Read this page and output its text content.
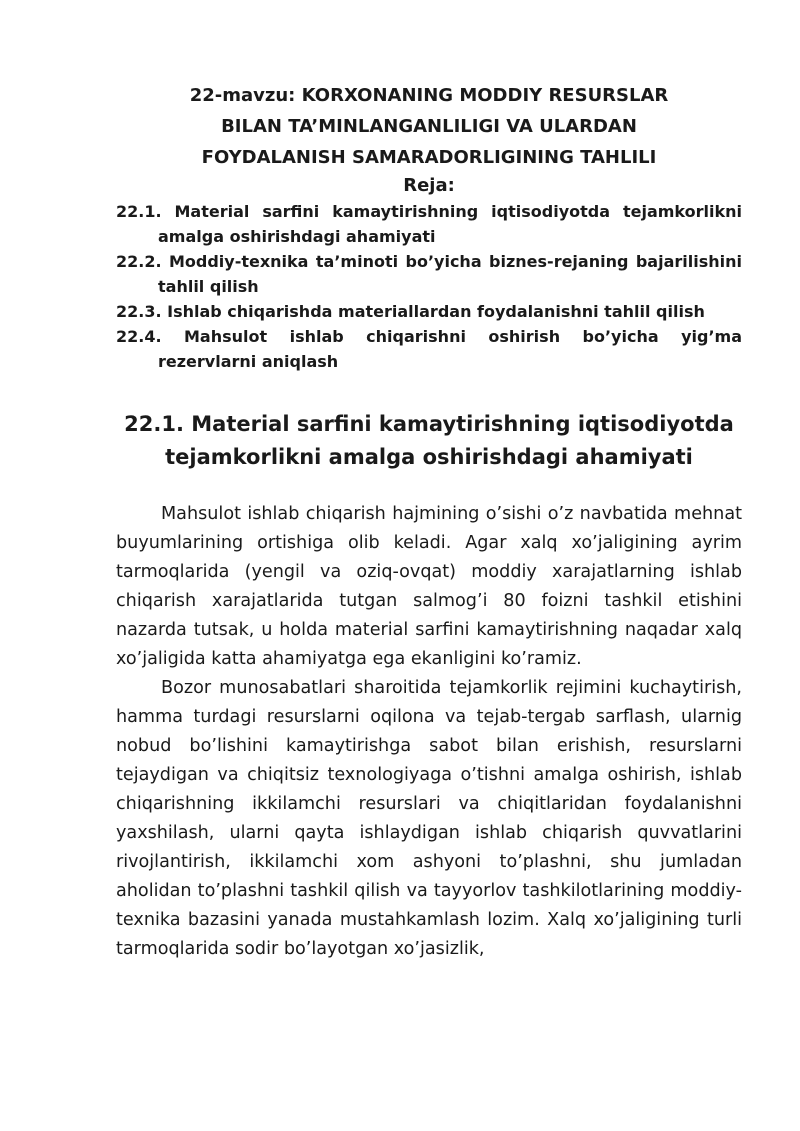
22-mavzu: KORXONANING MODDIY RESURSLAR
BILAN TA’MINLANGANLILIGI VA ULARDAN
FOYDALANISH SAMARADORLIGINING TAHLILI
Reja:
22.1. Material sarfini kamaytirishning iqtisodiyotda tejamkorlikni amalga oshirishdagi ahamiyati
22.2. Moddiy-texnika ta’minoti bo’yicha biznes-rejaning bajarilishini tahlil qilish
22.3. Ishlab chiqarishda materiallardan foydalanishni tahlil qilish
22.4. Mahsulot ishlab chiqarishni oshirish bo’yicha yig’ma rezervlarni aniqlash
22.1. Material sarfini kamaytirishning iqtisodiyotda
tejamkorlikni amalga oshirishdagi ahamiyati

Mahsulot ishlab chiqarish hajmining o’sishi o’z navbatida mehnat buyumlarining ortishiga olib keladi. Agar xalq xo’jaligining ayrim tarmoqlarida (yengil va oziq-ovqat) moddiy xarajatlarning ishlab chiqarish xarajatlarida tutgan salmog’i 80 foizni tashkil etishini nazarda tutsak, u holda material sarfini kamaytirishning naqadar xalq xo’jaligida katta ahamiyatga ega ekanligini ko’ramiz.

Bozor munosabatlari sharoitida tejamkorlik rejimini kuchaytirish, hamma turdagi resurslarni oqilona va tejab-tergab sarflash, ularnig nobud bo’lishini kamaytirishga sabot bilan erishish, resurslarni tejaydigan va chiqitsiz texnologiyaga o’tishni amalga oshirish, ishlab chiqarishning ikkilamchi resurslari va chiqitlaridan foydalanishni yaxshilash, ularni qayta ishlaydigan ishlab chiqarish quvvatlarini rivojlantirish, ikkilamchi xom ashyoni to’plashni, shu jumladan aholidan to’plashni tashkil qilish va tayyorlov tashkilotlarining moddiy-texnika bazasini yanada mustahkamlash lozim. Xalq xo’jaligining turli tarmoqlarida sodir bo’layotgan xo’jasizlik,
